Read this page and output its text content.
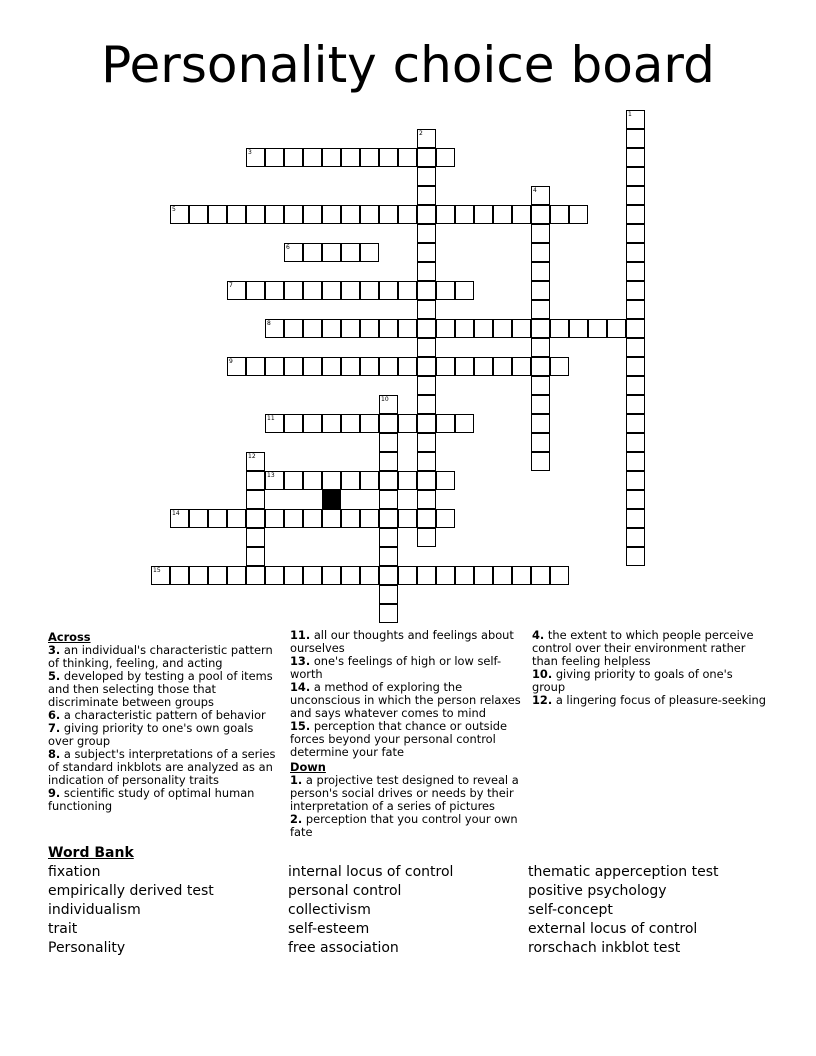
Personality choice board
3
5
6
7
8
9
11
13
14
15
1
2
4
10
12
Across
3. an individual's characteristic pattern of thinking, feeling, and acting
5. developed by testing a pool of items and then selecting those that discriminate between groups
6. a characteristic pattern of behavior
7. giving priority to one's own goals over group
8. a subject's interpretations of a series of standard inkblots are analyzed as an indication of personality traits
9. scientific study of optimal human functioning
11. all our thoughts and feelings about ourselves
13. one's feelings of high or low self-worth
14. a method of exploring the unconscious in which the person relaxes and says whatever comes to mind
15. perception that chance or outside forces beyond your personal control determine your fate
Down
1. a projective test designed to reveal a person's social drives or needs by their interpretation of a series of pictures
2. perception that you control your own fate
4. the extent to which people perceive control over their environment rather than feeling helpless
10. giving priority to goals of one's group
12. a lingering focus of pleasure-seeking
Word Bank
fixation
empirically derived test
individualism
trait
Personality
internal locus of control
personal control
collectivism
self-esteem
free association
thematic apperception test
positive psychology
self-concept
external locus of control
rorschach inkblot test
